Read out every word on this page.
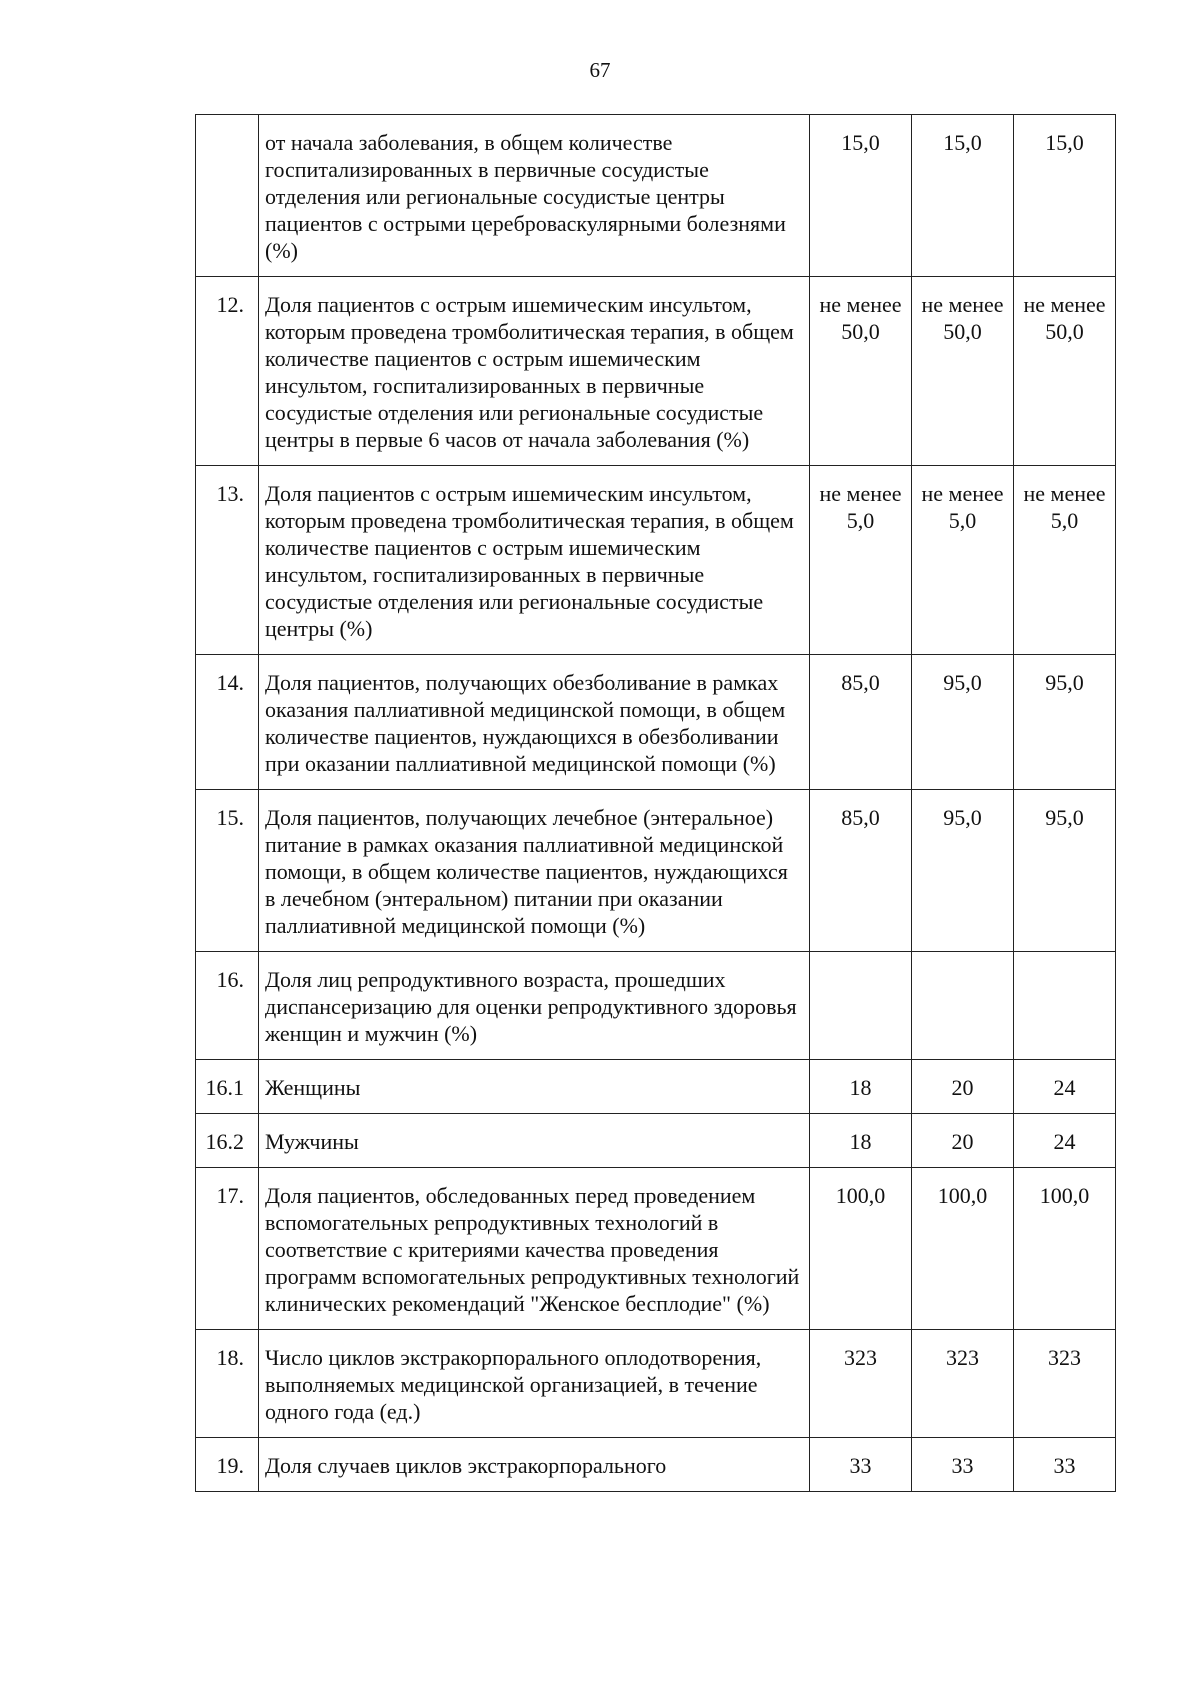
67
	от начала заболевания, в общем количестве госпитализированных в первичные сосудистые отделения или региональные сосудистые центры пациентов с острыми цереброваскулярными болезнями (%)	15,0	15,0	15,0
12.	Доля пациентов с острым ишемическим инсультом, которым проведена тромболитическая терапия, в общем количестве пациентов с острым ишемическим инсультом, госпитализированных в первичные сосудистые отделения или региональные сосудистые центры в первые 6 часов от начала заболевания (%)	не менее 50,0	не менее 50,0	не менее 50,0
13.	Доля пациентов с острым ишемическим инсультом, которым проведена тромболитическая терапия, в общем количестве пациентов с острым ишемическим инсультом, госпитализированных в первичные сосудистые отделения или региональные сосудистые центры (%)	не менее 5,0	не менее 5,0	не менее 5,0
14.	Доля пациентов, получающих обезболивание в рамках оказания паллиативной медицинской помощи, в общем количестве пациентов, нуждающихся в обезболивании при оказании паллиативной медицинской помощи (%)	85,0	95,0	95,0
15.	Доля пациентов, получающих лечебное (энтеральное) питание в рамках оказания паллиативной медицинской помощи, в общем количестве пациентов, нуждающихся в лечебном (энтеральном) питании при оказании паллиативной медицинской помощи (%)	85,0	95,0	95,0
16.	Доля лиц репродуктивного возраста, прошедших диспансеризацию для оценки репродуктивного здоровья женщин и мужчин (%)			
16.1	Женщины	18	20	24
16.2	Мужчины	18	20	24
17.	Доля пациентов, обследованных перед проведением вспомогательных репродуктивных технологий в соответствие с критериями качества проведения программ вспомогательных репродуктивных технологий клинических рекомендаций "Женское бесплодие" (%)	100,0	100,0	100,0
18.	Число циклов экстракорпорального оплодотворения, выполняемых медицинской организацией, в течение одного года (ед.)	323	323	323
19.	Доля случаев циклов экстракорпорального	33	33	33
